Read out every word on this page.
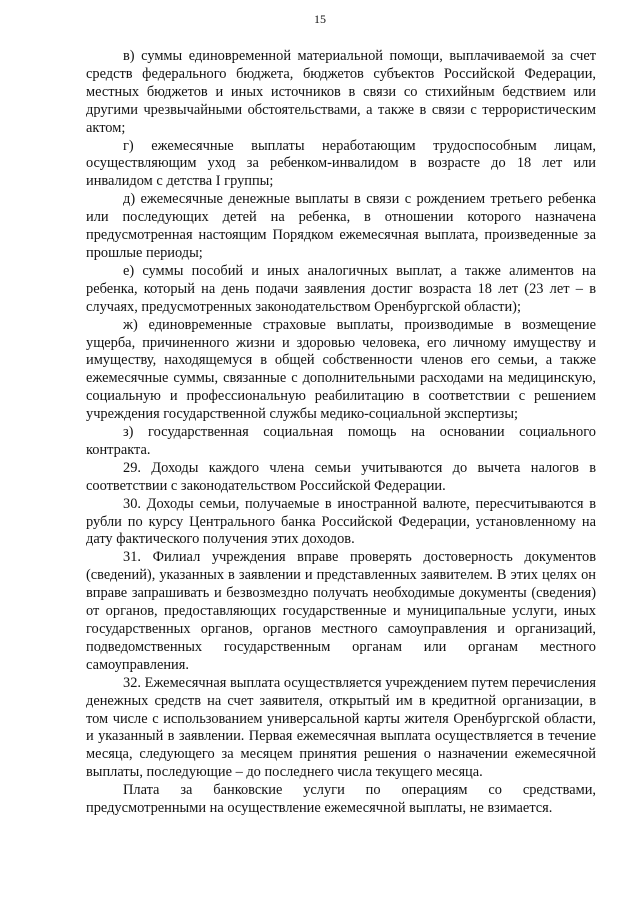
15

в) суммы единовременной материальной помощи, выплачиваемой за счет средств федерального бюджета, бюджетов субъектов Российской Федерации, местных бюджетов и иных источников в связи со стихийным бедствием или другими чрезвычайными обстоятельствами, а также в связи с террористическим актом;

г) ежемесячные выплаты неработающим трудоспособным лицам, осуществляющим уход за ребенком-инвалидом в возрасте до 18 лет или инвалидом с детства I группы;

д) ежемесячные денежные выплаты в связи с рождением третьего ребенка или последующих детей на ребенка, в отношении которого назначена предусмотренная настоящим Порядком ежемесячная выплата, произведенные за прошлые периоды;

е) суммы пособий и иных аналогичных выплат, а также алиментов на ребенка, который на день подачи заявления достиг возраста 18 лет (23 лет – в случаях, предусмотренных законодательством Оренбургской области);

ж) единовременные страховые выплаты, производимые в возмещение ущерба, причиненного жизни и здоровью человека, его личному имуществу и имуществу, находящемуся в общей собственности членов его семьи, а также ежемесячные суммы, связанные с дополнительными расходами на медицинскую, социальную и профессиональную реабилитацию в соответствии с решением учреждения государственной службы медико-социальной экспертизы;

з) государственная социальная помощь на основании социального контракта.

29. Доходы каждого члена семьи учитываются до вычета налогов в соответствии с законодательством Российской Федерации.

30. Доходы семьи, получаемые в иностранной валюте, пересчитываются в рубли по курсу Центрального банка Российской Федерации, установленному на дату фактического получения этих доходов.

31. Филиал учреждения вправе проверять достоверность документов (сведений), указанных в заявлении и представленных заявителем. В этих целях он вправе запрашивать и безвозмездно получать необходимые документы (сведения) от органов, предоставляющих государственные и муниципальные услуги, иных государственных органов, органов местного самоуправления и организаций, подведомственных государственным органам или органам местного самоуправления.

32. Ежемесячная выплата осуществляется учреждением путем перечисления денежных средств на счет заявителя, открытый им в кредитной организации, в том числе с использованием универсальной карты жителя Оренбургской области, и указанный в заявлении. Первая ежемесячная выплата осуществляется в течение месяца, следующего за месяцем принятия решения о назначении ежемесячной выплаты, последующие – до последнего числа текущего месяца.

Плата за банковские услуги по операциям со средствами, предусмотренными на осуществление ежемесячной выплаты, не взимается.
